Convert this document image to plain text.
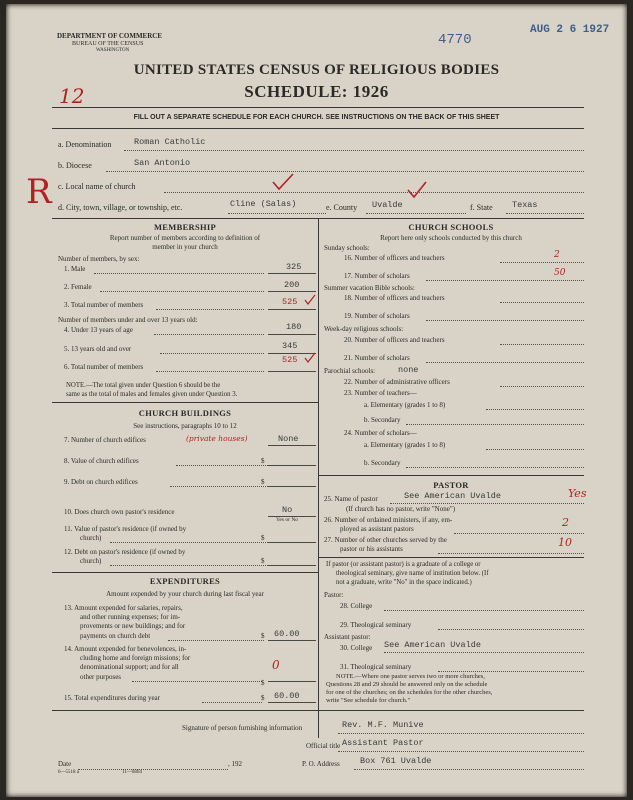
DEPARTMENT OF COMMERCE
BUREAU OF THE CENSUS
WASHINGTON
4770
AUG 2 6 1927
12
UNITED STATES CENSUS OF RELIGIOUS BODIES
SCHEDULE: 1926
FILL OUT A SEPARATE SCHEDULE FOR EACH CHURCH. SEE INSTRUCTIONS ON THE BACK OF THIS SHEET
a. Denomination	Roman Catholic
b. Diocese	San Antonio
c. Local name of church
R d. City, town, village, or township, etc.	Cline (Salas)	e. County Uvalde	f. State Texas
MEMBERSHIP
Report number of members according to definition of
member in your church
Number of members, by sex:
1. Male	325
2. Female	200
3. Total number of members	525
Number of members under and over 13 years old:
4. Under 13 years of age	180
5. 13 years old and over	345
6. Total number of members
525
NOTE.—The total given under Question 6 should be the
same as the total of males and females given under Question 3.
CHURCH BUILDINGS
See instructions, paragraphs 10 to 12
7. Number of church edifices	(private houses)	None
8. Value of church edifices	$
9. Debt on church edifices	$
10. Does church own pastor's residence	No
Yes or No
11. Value of pastor's residence (if owned by
church)	$
12. Debt on pastor's residence (if owned by
church)	$
EXPENDITURES
Amount expended by your church during last fiscal year
13. Amount expended for salaries, repairs,
and other running expenses; for im-
provements or new buildings; and for
payments on church debt	$ 60.00
14. Amount expended for benevolences, in-
cluding home and foreign missions; for
denominational support; and for all
other purposes
$
0
15. Total expenditures during year	$ 60.00
CHURCH SCHOOLS
Report here only schools conducted by this church
Sunday schools:
16. Number of officers and teachers	2
17. Number of scholars	50
Summer vacation Bible schools:
18. Number of officers and teachers
19. Number of scholars
Week-day religious schools:
20. Number of officers and teachers
21. Number of scholars
Parochial schools:	none
22. Number of administrative officers
23. Number of teachers—
a. Elementary (grades 1 to 8)
b. Secondary
24. Number of scholars—
a. Elementary (grades 1 to 8)
b. Secondary
PASTOR
25. Name of pastor	See American Uvalde	Yes
(If church has no pastor, write "None")
26. Number of ordained ministers, if any, em-
ployed as assistant pastors	2
27. Number of other churches served by the
pastor or his assistants	10
If pastor (or assistant pastor) is a graduate of a college or
theological seminary, give name of institution below. (If
not a graduate, write "No" in the space indicated.)
Pastor:
28. College
29. Theological seminary
Assistant pastor:
30. College See American Uvalde
31. Theological seminary
NOTE.—Where one pastor serves two or more churches,
Questions 28 and 29 should be answered only on the schedule
for one of the churches; on the schedules for the other churches,
write "See schedule for church."
Signature of person furnishing information	Rev. M.F. Munive
Official title Assistant Pastor
Date	, 192	P. O. Address Box 761 Uvalde
6—5518 a	11—6864
